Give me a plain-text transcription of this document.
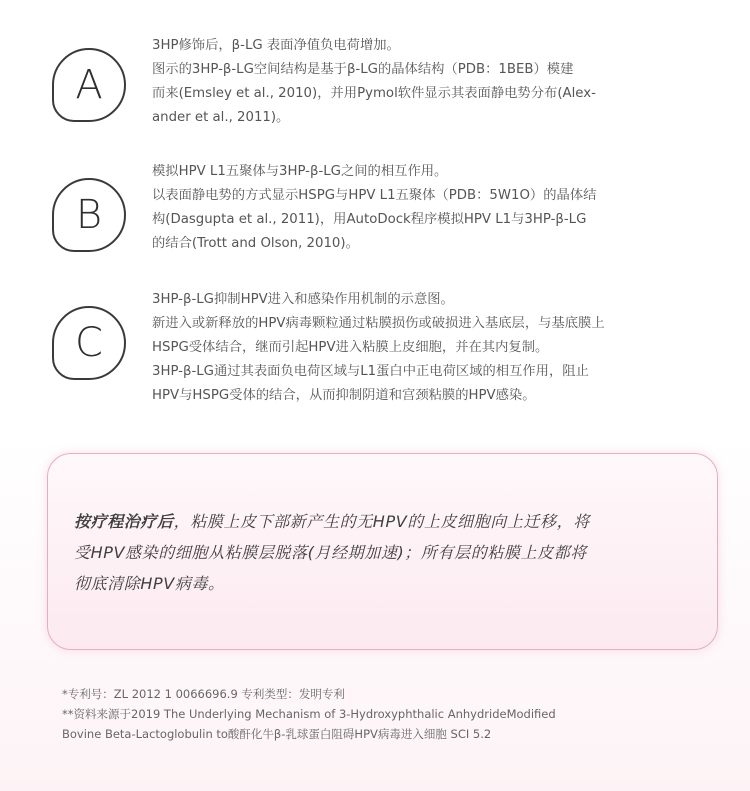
A

3HP修饰后，β-LG 表面净值负电荷增加。

图示的3HP-β-LG空间结构是基于β-LG的晶体结构（PDB：1BEB）模建

而来(Emsley et al., 2010)，并用Pymol软件显示其表面静电势分布(Alex-

ander et al., 2011)。

B

模拟HPV L1五聚体与3HP-β-LG之间的相互作用。

以表面静电势的方式显示HSPG与HPV L1五聚体（PDB：5W1O）的晶体结

构(Dasgupta et al., 2011)，用AutoDock程序模拟HPV L1与3HP-β-LG

的结合(Trott and Olson, 2010)。

C

3HP-β-LG抑制HPV进入和感染作用机制的示意图。

新进入或新释放的HPV病毒颗粒通过粘膜损伤或破损进入基底层，与基底膜上

HSPG受体结合，继而引起HPV进入粘膜上皮细胞，并在其内复制。

3HP-β-LG通过其表面负电荷区域与L1蛋白中正电荷区域的相互作用，阻止

HPV与HSPG受体的结合，从而抑制阴道和宫颈粘膜的HPV感染。

按疗程治疗后，粘膜上皮下部新产生的无HPV的上皮细胞向上迁移，将
受HPV感染的细胞从粘膜层脱落(月经期加速)；所有层的粘膜上皮都将
彻底清除HPV病毒。

*专利号：ZL 2012 1 0066696.9 专利类型：发明专利

**资料来源于2019 The Underlying Mechanism of 3-Hydroxyphthalic AnhydrideModified

Bovine Beta-Lactoglobulin to酸酐化牛β-乳球蛋白阻碍HPV病毒进入细胞 SCI 5.2
